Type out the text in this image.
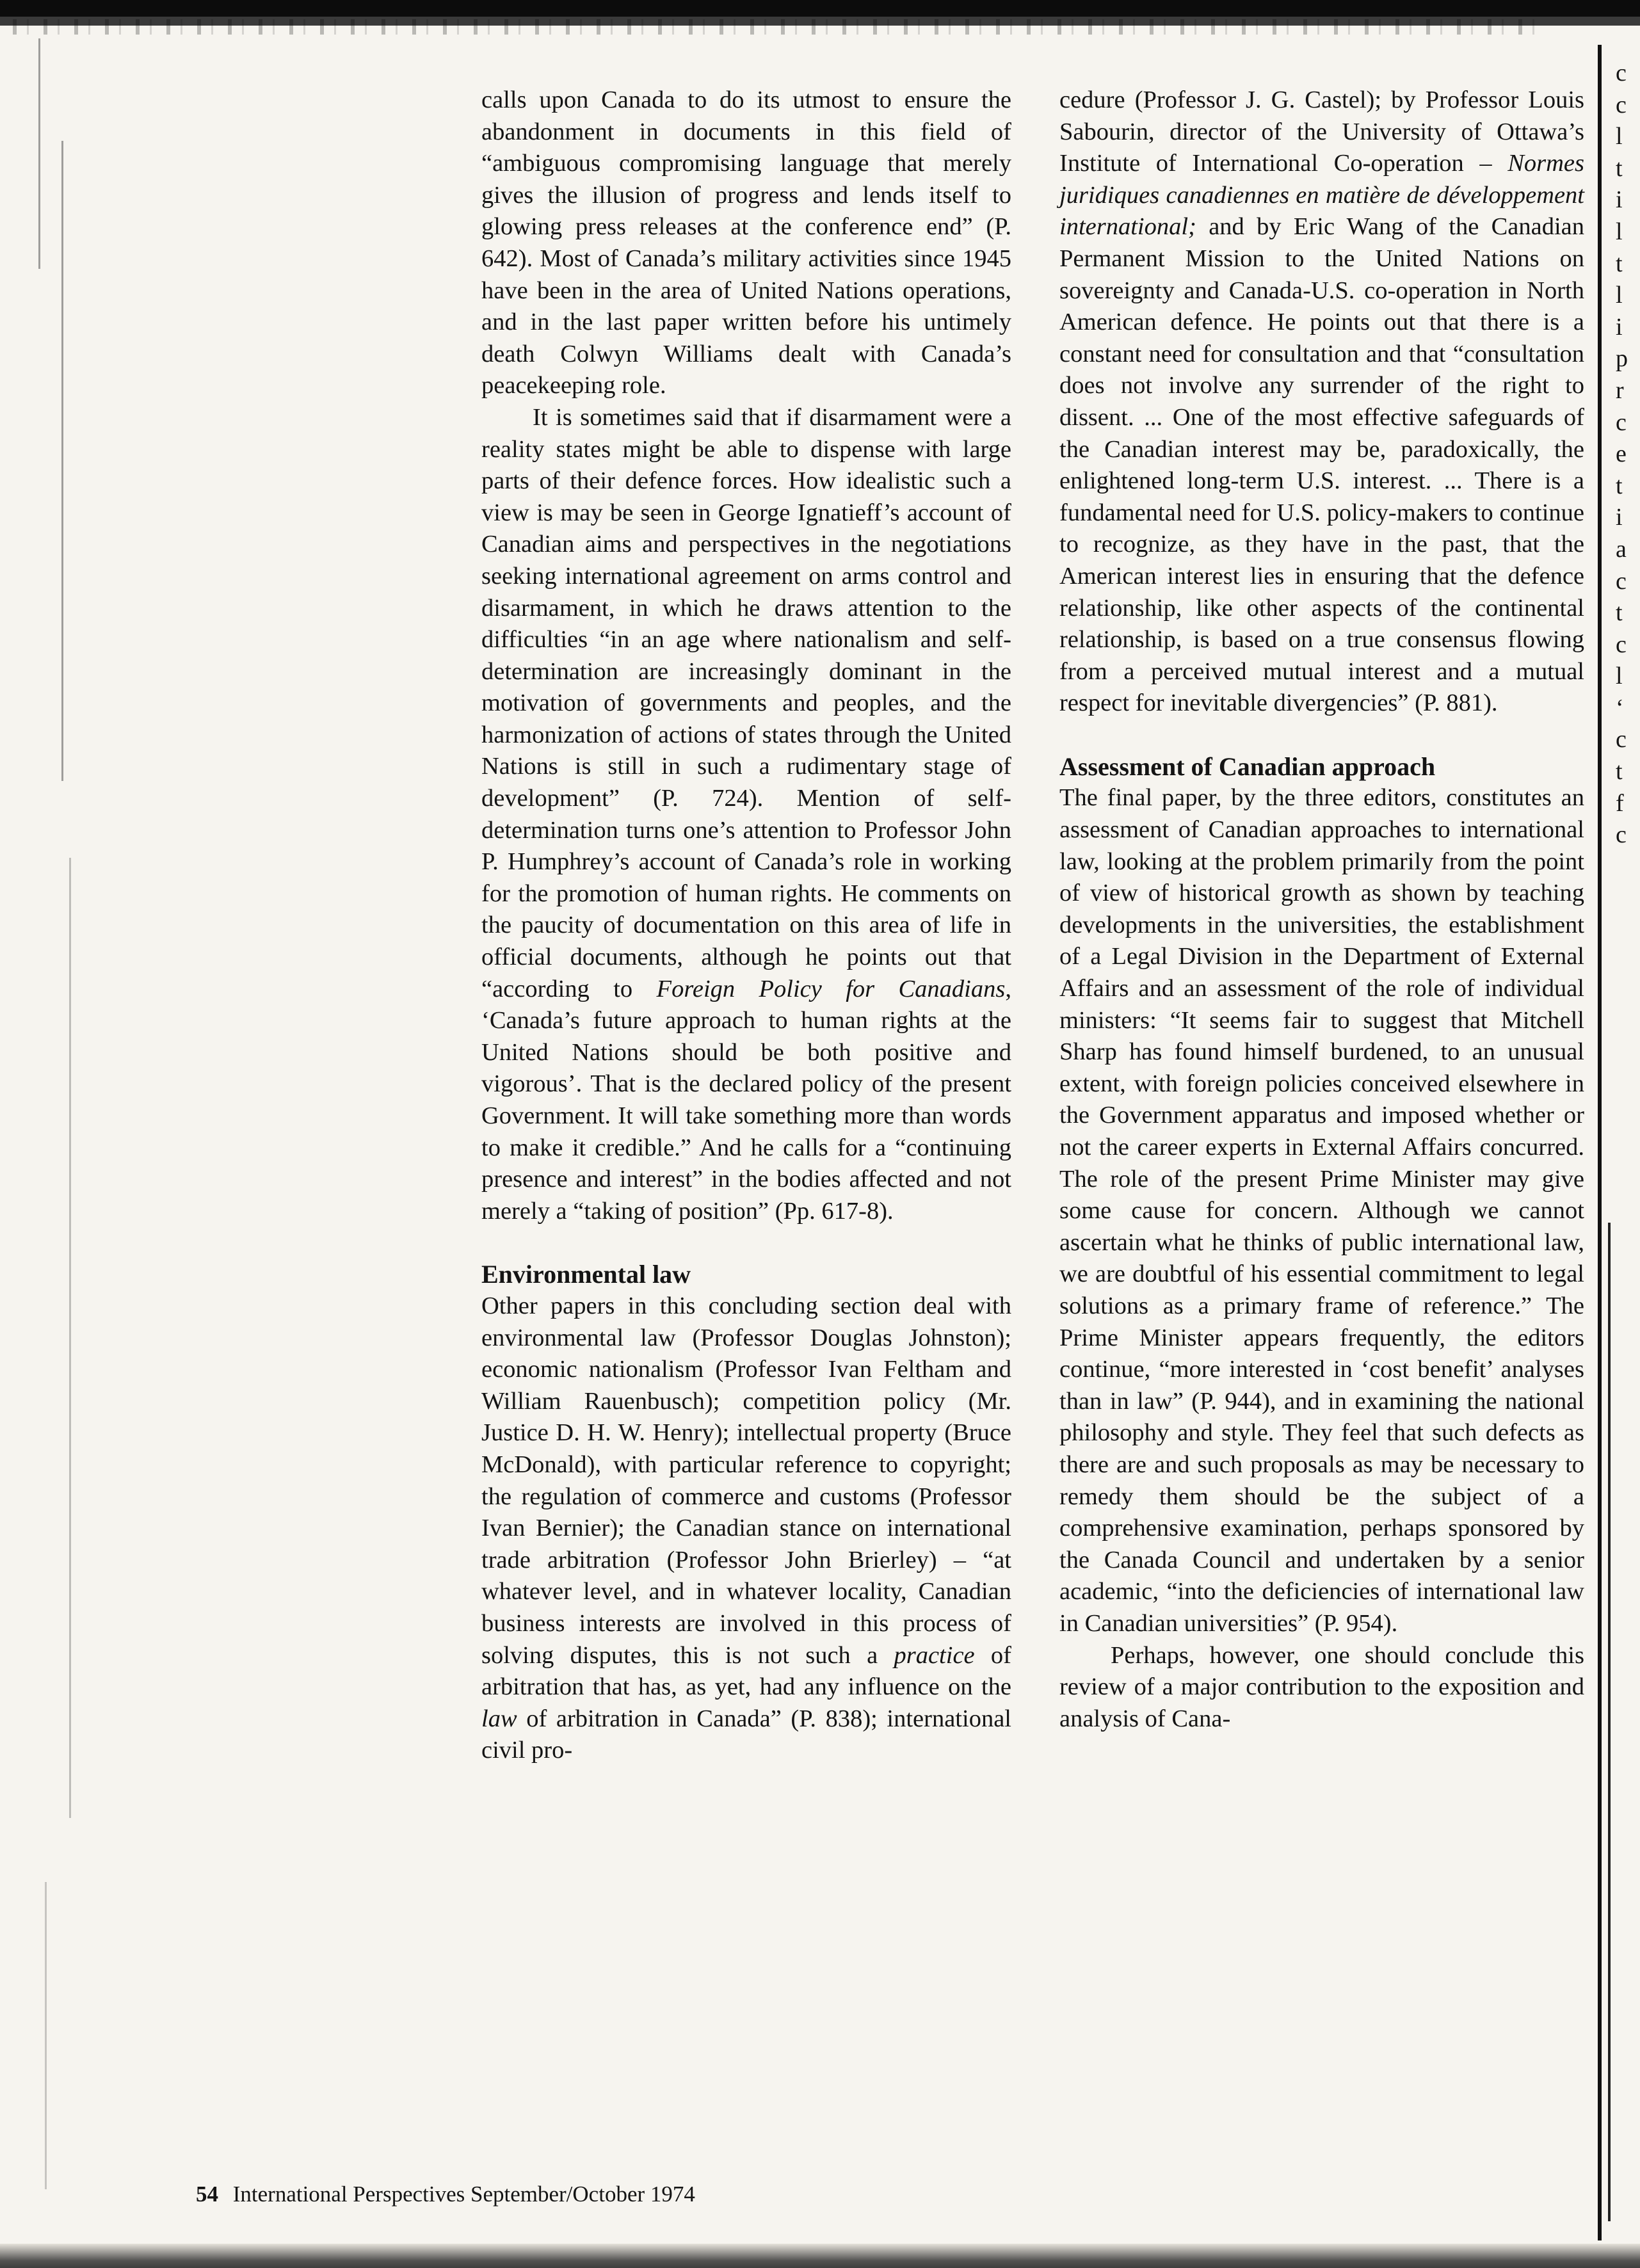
calls upon Canada to do its utmost to ensure the abandonment in documents in this field of “ambiguous compromising language that merely gives the illusion of progress and lends itself to glowing press releases at the conference end” (P. 642). Most of Canada’s military activities since 1945 have been in the area of United Nations operations, and in the last paper written before his untimely death Colwyn Williams dealt with Canada’s peacekeeping role.

It is sometimes said that if disarmament were a reality states might be able to dispense with large parts of their defence forces. How idealistic such a view is may be seen in George Ignatieff’s account of Canadian aims and perspectives in the negotiations seeking international agreement on arms control and disarmament, in which he draws attention to the difficulties “in an age where nationalism and self-determination are increasingly dominant in the motivation of governments and peoples, and the harmonization of actions of states through the United Nations is still in such a rudimentary stage of development” (P. 724). Mention of self-determination turns one’s attention to Professor John P. Humphrey’s account of Canada’s role in working for the promotion of human rights. He comments on the paucity of documentation on this area of life in official documents, although he points out that “according to Foreign Policy for Canadians, ‘Canada’s future approach to human rights at the United Nations should be both positive and vigorous’. That is the declared policy of the present Government. It will take something more than words to make it credible.” And he calls for a “continuing presence and interest” in the bodies affected and not merely a “taking of position” (Pp. 617-8).

Environmental law

Other papers in this concluding section deal with environmental law (Professor Douglas Johnston); economic nationalism (Professor Ivan Feltham and William Rauenbusch); competition policy (Mr. Justice D. H. W. Henry); intellectual property (Bruce McDonald), with particular reference to copyright; the regulation of commerce and customs (Professor Ivan Bernier); the Canadian stance on international trade arbitration (Professor John Brierley) – “at whatever level, and in whatever locality, Canadian business interests are involved in this process of solving disputes, this is not such a practice of arbitration that has, as yet, had any influence on the law of arbitration in Canada” (P. 838); international civil pro-

cedure (Professor J. G. Castel); by Professor Louis Sabourin, director of the University of Ottawa’s Institute of International Co-operation – Normes juridiques canadiennes en matière de développement international; and by Eric Wang of the Canadian Permanent Mission to the United Nations on sovereignty and Canada-U.S. co-operation in North American defence. He points out that there is a constant need for consultation and that “consultation does not involve any surrender of the right to dissent. ... One of the most effective safeguards of the Canadian interest may be, paradoxically, the enlightened long-term U.S. interest. ... There is a fundamental need for U.S. policy-makers to continue to recognize, as they have in the past, that the American interest lies in ensuring that the defence relationship, like other aspects of the continental relationship, is based on a true consensus flowing from a perceived mutual interest and a mutual respect for inevitable divergencies” (P. 881).

Assessment of Canadian approach

The final paper, by the three editors, constitutes an assessment of Canadian approaches to international law, looking at the problem primarily from the point of view of historical growth as shown by teaching developments in the universities, the establishment of a Legal Division in the Department of External Affairs and an assessment of the role of individual ministers: “It seems fair to suggest that Mitchell Sharp has found himself burdened, to an unusual extent, with foreign policies conceived elsewhere in the Government apparatus and imposed whether or not the career experts in External Affairs concurred. The role of the present Prime Minister may give some cause for concern. Although we cannot ascertain what he thinks of public international law, we are doubtful of his essential commitment to legal solutions as a primary frame of reference.” The Prime Minister appears frequently, the editors continue, “more interested in ‘cost benefit’ analyses than in law” (P. 944), and in examining the national philosophy and style. They feel that such defects as there are and such proposals as may be necessary to remedy them should be the subject of a comprehensive examination, perhaps sponsored by the Canada Council and undertaken by a senior academic, “into the deficiencies of international law in Canadian universities” (P. 954).

Perhaps, however, one should conclude this review of a major contribution to the exposition and analysis of Cana-

c
c
l
t
i
l
t
l
i
p
r
c
e
t
i
a
c
t
c
l
‘
c
t
f
c
54 International Perspectives September/October 1974
